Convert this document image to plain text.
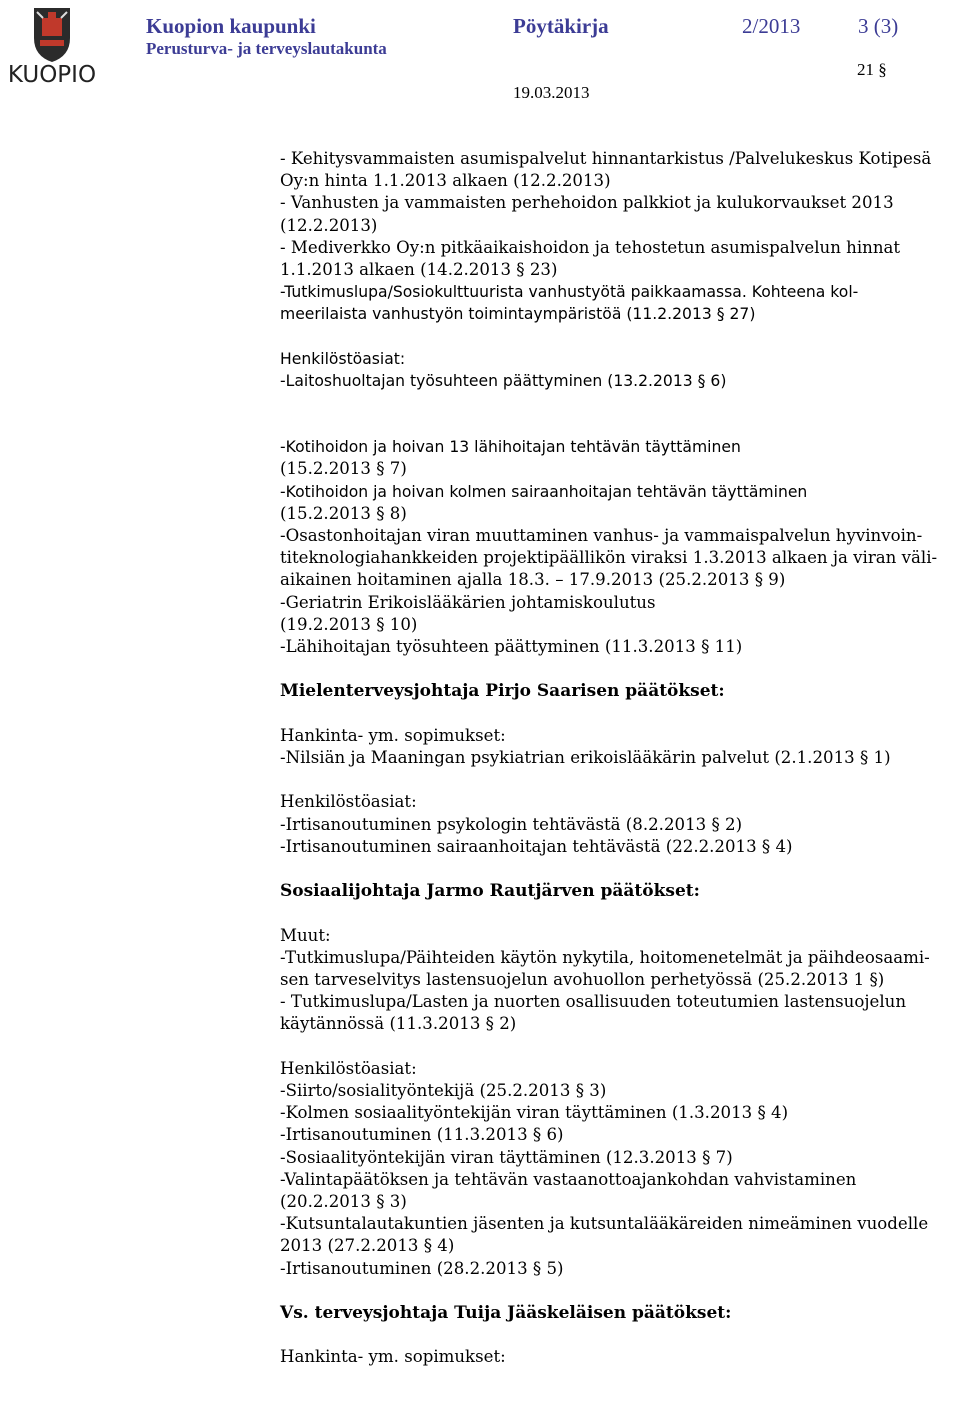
KUOPIO
Kuopion kaupunki	Pöytäkirja	2/2013	3 (3)
Perusturva- ja terveyslautakunta
21 §
19.03.2013
- Kehitysvammaisten asumispalvelut hinnantarkistus /Palvelukeskus Kotipesä
Oy:n hinta 1.1.2013 alkaen (12.2.2013)
- Vanhusten ja vammaisten perhehoidon palkkiot ja kulukorvaukset 2013
(12.2.2013)
- Mediverkko Oy:n pitkäaikaishoidon ja tehostetun asumispalvelun hinnat
1.1.2013 alkaen (14.2.2013 § 23)
-Tutkimuslupa/Sosiokulttuurista vanhustyötä paikkaamassa. Kohteena kol-
meerilaista vanhustyön toimintaympäristöä (11.2.2013 § 27)
Henkilöstöasiat:
-Laitoshuoltajan työsuhteen päättyminen (13.2.2013 § 6)
-Kotihoidon ja hoivan 13 lähihoitajan tehtävän täyttäminen
(15.2.2013 § 7)
-Kotihoidon ja hoivan kolmen sairaanhoitajan tehtävän täyttäminen
(15.2.2013 § 8)
-Osastonhoitajan viran muuttaminen vanhus- ja vammaispalvelun hyvinvoin-
titeknologiahankkeiden projektipäällikön viraksi 1.3.2013 alkaen ja viran väli-
aikainen hoitaminen ajalla 18.3. – 17.9.2013 (25.2.2013 § 9)
-Geriatrin Erikoislääkärien johtamiskoulutus
(19.2.2013 § 10)
-Lähihoitajan työsuhteen päättyminen (11.3.2013 § 11)
Mielenterveysjohtaja Pirjo Saarisen päätökset:
Hankinta- ym. sopimukset:
-Nilsiän ja Maaningan psykiatrian erikoislääkärin palvelut (2.1.2013 § 1)
Henkilöstöasiat:
-Irtisanoutuminen psykologin tehtävästä (8.2.2013 § 2)
-Irtisanoutuminen sairaanhoitajan tehtävästä (22.2.2013 § 4)
Sosiaalijohtaja Jarmo Rautjärven päätökset:
Muut:
-Tutkimuslupa/Päihteiden käytön nykytila, hoitomenetelmät ja päihdeosaami-
sen tarveselvitys lastensuojelun avohuollon perhetyössä (25.2.2013 1 §)
- Tutkimuslupa/Lasten ja nuorten osallisuuden toteutumien lastensuojelun
käytännössä (11.3.2013 § 2)
Henkilöstöasiat:
-Siirto/sosialityöntekijä (25.2.2013 § 3)
-Kolmen sosiaalityöntekijän viran täyttäminen (1.3.2013 § 4)
-Irtisanoutuminen (11.3.2013 § 6)
-Sosiaalityöntekijän viran täyttäminen (12.3.2013 § 7)
-Valintapäätöksen ja tehtävän vastaanottoajankohdan vahvistaminen
(20.2.2013 § 3)
-Kutsuntalautakuntien jäsenten ja kutsuntalääkäreiden nimeäminen vuodelle
2013 (27.2.2013 § 4)
-Irtisanoutuminen (28.2.2013 § 5)
Vs. terveysjohtaja Tuija Jääskeläisen päätökset:
Hankinta- ym. sopimukset:
